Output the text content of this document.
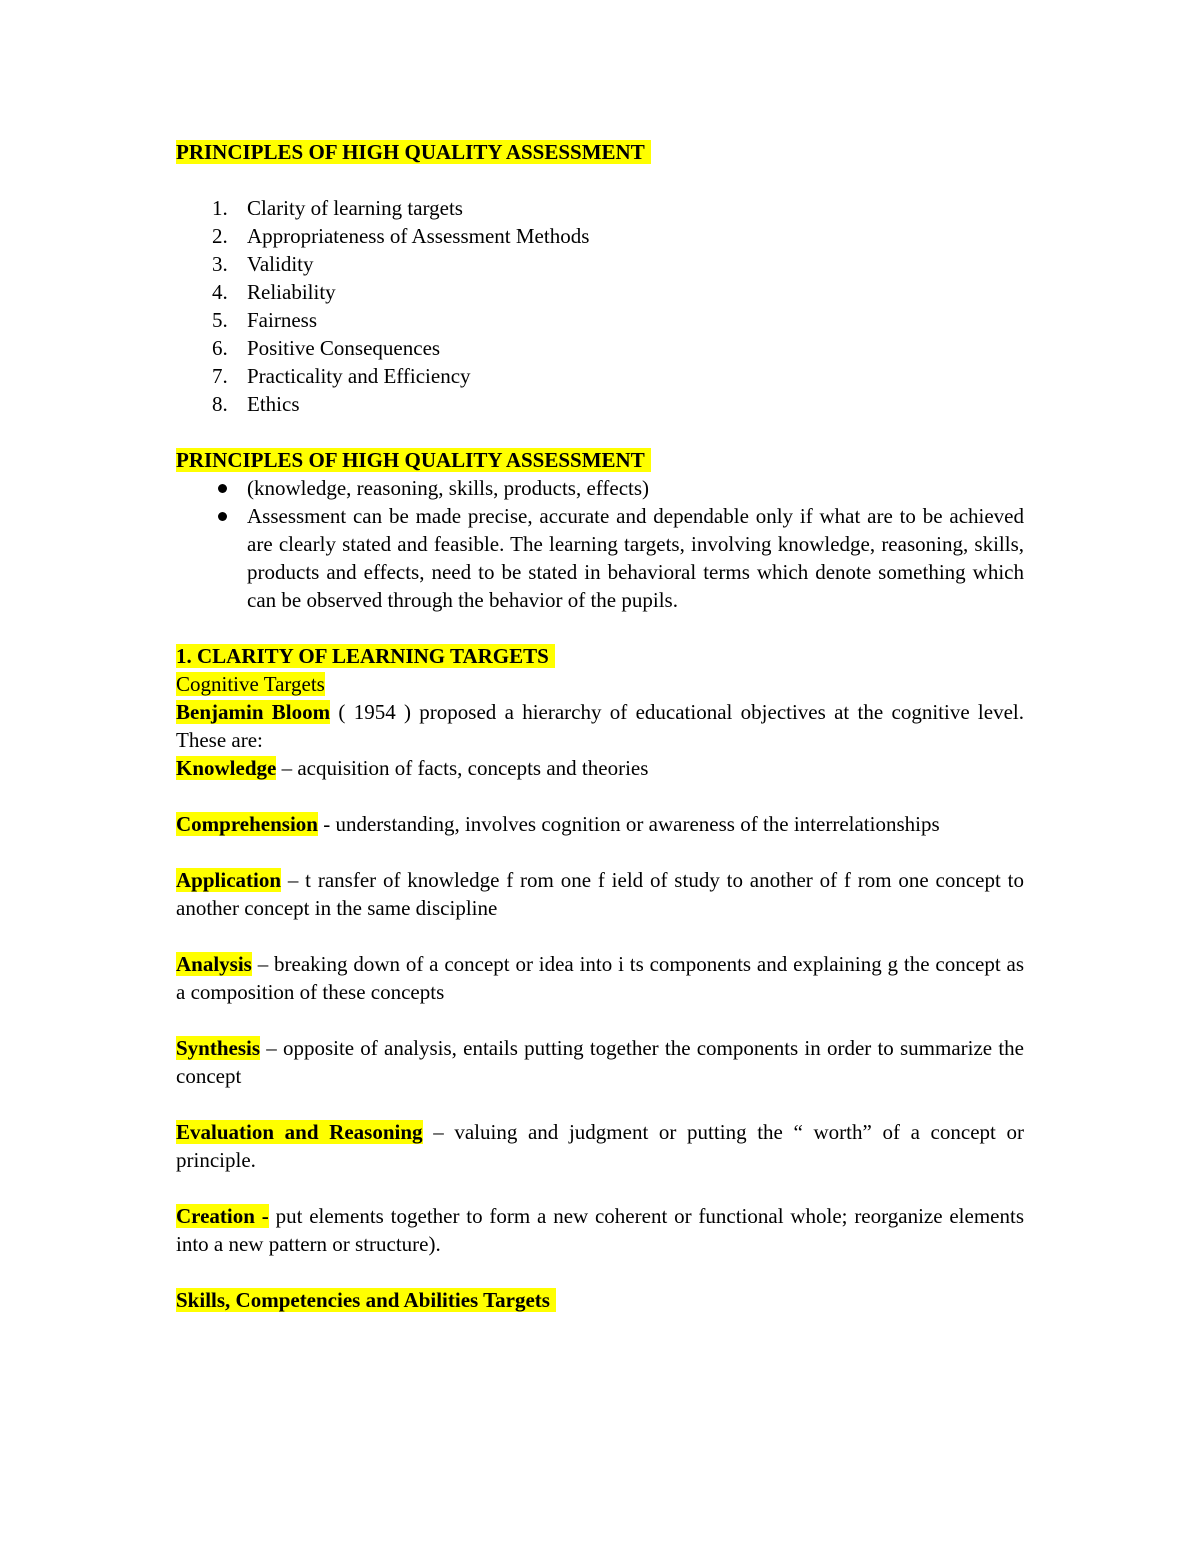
PRINCIPLES OF HIGH QUALITY ASSESSMENT

1. Clarity of learning targets
2. Appropriateness of Assessment Methods
3. Validity
4. Reliability
5. Fairness
6. Positive Consequences
7. Practicality and Efficiency
8. Ethics

PRINCIPLES OF HIGH QUALITY ASSESSMENT

(knowledge, reasoning, skills, products, effects)
Assessment can be made precise, accurate and dependable only if what are to be achieved are clearly stated and feasible. The learning targets, involving knowledge, reasoning, skills, products and effects, need to be stated in behavioral terms which denote something which can be observed through the behavior of the pupils.

1. CLARITY OF LEARNING TARGETS

Cognitive Targets

Benjamin Bloom ( 1954 ) proposed a hierarchy of educational objectives at the cognitive level. These are:

Knowledge – acquisition of facts, concepts and theories

Comprehension - understanding, involves cognition or awareness of the interrelationships

Application – t ransfer of knowledge f rom one f ield of study to another of f rom one concept to another concept in the same discipline

Analysis – breaking down of a concept or idea into i ts components and explaining g the concept as a composition of these concepts

Synthesis – opposite of analysis, entails putting together the components in order to summarize the concept

Evaluation and Reasoning – valuing and judgment or putting the “ worth” of a concept or principle.

Creation - put elements together to form a new coherent or functional whole; reorganize elements into a new pattern or structure).

Skills, Competencies and Abilities Targets
